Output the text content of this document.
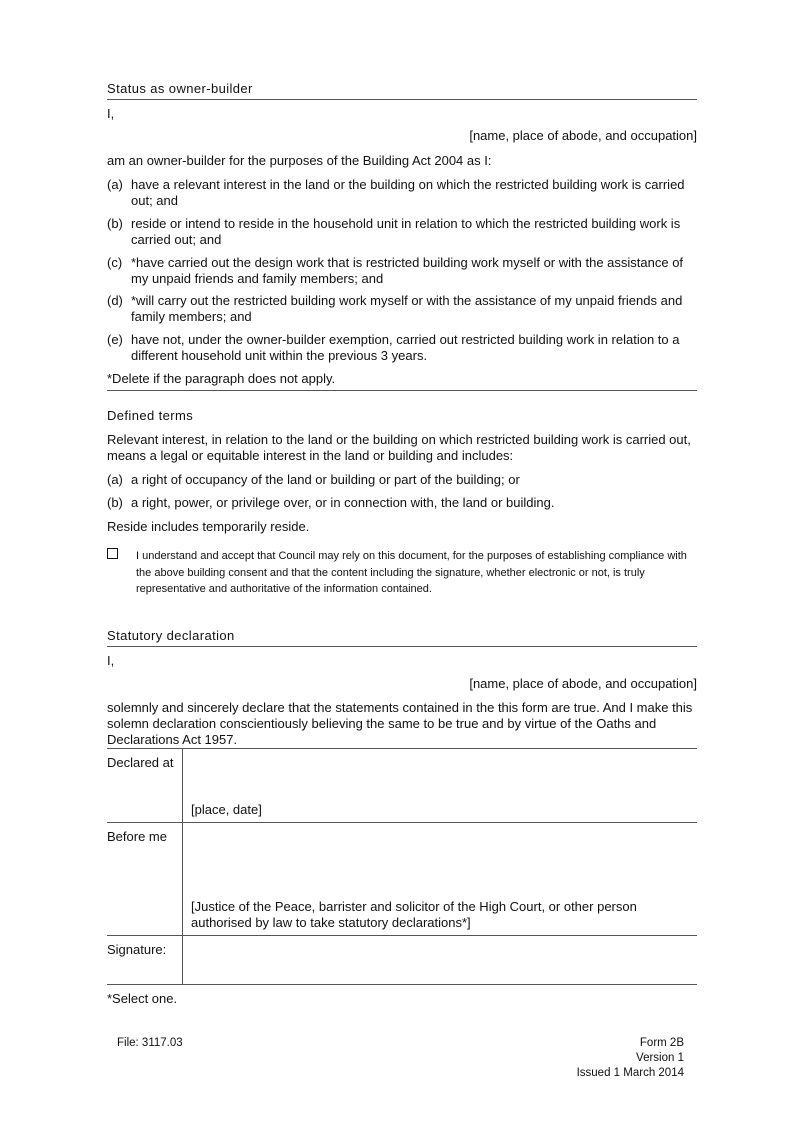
Status as owner-builder
I,
[name, place of abode, and occupation]
am an owner-builder for the purposes of the Building Act 2004 as I:
(a) have a relevant interest in the land or the building on which the restricted building work is carried out; and
(b) reside or intend to reside in the household unit in relation to which the restricted building work is carried out; and
(c) *have carried out the design work that is restricted building work myself or with the assistance of my unpaid friends and family members; and
(d) *will carry out the restricted building work myself or with the assistance of my unpaid friends and family members; and
(e) have not, under the owner-builder exemption, carried out restricted building work in relation to a different household unit within the previous 3 years.
*Delete if the paragraph does not apply.
Defined terms
Relevant interest, in relation to the land or the building on which restricted building work is carried out, means a legal or equitable interest in the land or building and includes:
(a) a right of occupancy of the land or building or part of the building; or
(b) a right, power, or privilege over, or in connection with, the land or building.
Reside includes temporarily reside.
I understand and accept that Council may rely on this document, for the purposes of establishing compliance with the above building consent and that the content including the signature, whether electronic or not, is truly representative and authoritative of the information contained.
Statutory declaration
I,
[name, place of abode, and occupation]
solemnly and sincerely declare that the statements contained in the this form are true. And I make this solemn declaration conscientiously believing the same to be true and by virtue of the Oaths and Declarations Act 1957.
Declared at	[place, date]

Before me	[Justice of the Peace, barrister and solicitor of the High Court, or other person authorised by law to take statutory declarations*]

Signature:	
*Select one.
File: 3117.03	Form 2B
Version 1
Issued 1 March 2014
